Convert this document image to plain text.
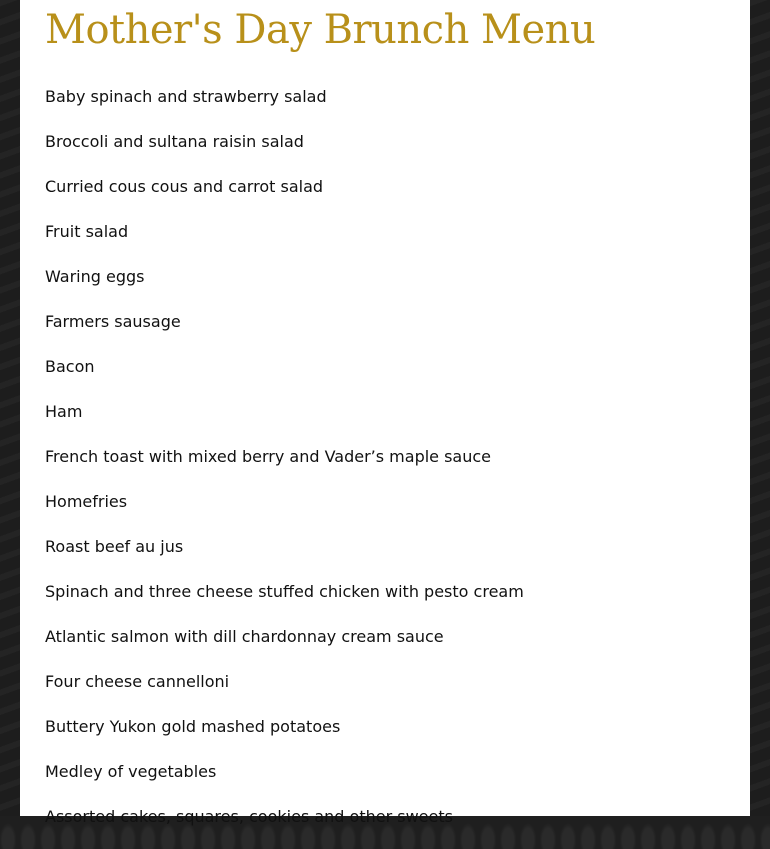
Mother's Day Brunch Menu
Baby spinach and strawberry salad
Broccoli and sultana raisin salad
Curried cous cous and carrot salad
Fruit salad
Waring eggs
Farmers sausage
Bacon
Ham
French toast with mixed berry and Vader’s maple sauce
Homefries
Roast beef au jus
Spinach and three cheese stuffed chicken with pesto cream
Atlantic salmon with dill chardonnay cream sauce
Four cheese cannelloni
Buttery Yukon gold mashed potatoes
Medley of vegetables
Assorted cakes, squares, cookies and other sweets
